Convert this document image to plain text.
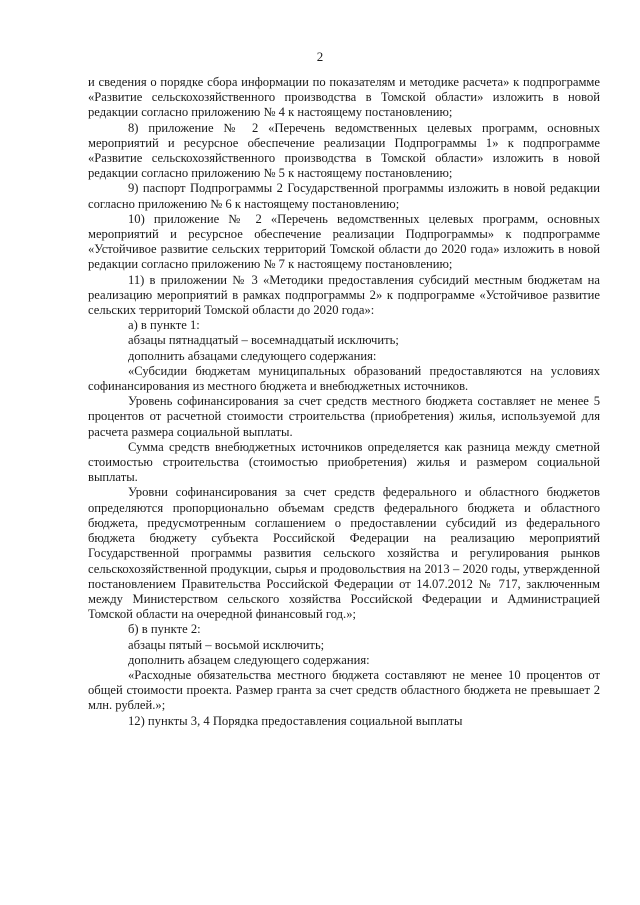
2

и сведения о порядке сбора информации по показателям и методике расчета» к подпрограмме «Развитие сельскохозяйственного производства в Томской области» изложить в новой редакции согласно приложению № 4 к настоящему постановлению;

8) приложение № 2 «Перечень ведомственных целевых программ, основных мероприятий и ресурсное обеспечение реализации Подпрограммы 1» к подпрограмме «Развитие сельскохозяйственного производства в Томской области» изложить в новой редакции согласно приложению № 5 к настоящему постановлению;

9) паспорт Подпрограммы 2 Государственной программы изложить в новой редакции согласно приложению № 6 к настоящему постановлению;

10) приложение № 2 «Перечень ведомственных целевых программ, основных мероприятий и ресурсное обеспечение реализации Подпрограммы» к подпрограмме «Устойчивое развитие сельских территорий Томской области до 2020 года» изложить в новой редакции согласно приложению № 7 к настоящему постановлению;

11) в приложении № 3 «Методики предоставления субсидий местным бюджетам на реализацию мероприятий в рамках подпрограммы 2» к подпрограмме «Устойчивое развитие сельских территорий Томской области до 2020 года»:

а) в пункте 1:

абзацы пятнадцатый – восемнадцатый исключить;

дополнить абзацами следующего содержания:

«Субсидии бюджетам муниципальных образований предоставляются на условиях софинансирования из местного бюджета и внебюджетных источников.

Уровень софинансирования за счет средств местного бюджета составляет не менее 5 процентов от расчетной стоимости строительства (приобретения) жилья, используемой для расчета размера социальной выплаты.

Сумма средств внебюджетных источников определяется как разница между сметной стоимостью строительства (стоимостью приобретения) жилья и размером социальной выплаты.

Уровни софинансирования за счет средств федерального и областного бюджетов определяются пропорционально объемам средств федерального бюджета и областного бюджета, предусмотренным соглашением о предоставлении субсидий из федерального бюджета бюджету субъекта Российской Федерации на реализацию мероприятий Государственной программы развития сельского хозяйства и регулирования рынков сельскохозяйственной продукции, сырья и продовольствия на 2013 – 2020 годы, утвержденной постановлением Правительства Российской Федерации от 14.07.2012 № 717, заключенным между Министерством сельского хозяйства Российской Федерации и Администрацией Томской области на очередной финансовый год.»;

б) в пункте 2:

абзацы пятый – восьмой исключить;

дополнить абзацем следующего содержания:

«Расходные обязательства местного бюджета составляют не менее 10 процентов от общей стоимости проекта. Размер гранта за счет средств областного бюджета не превышает 2 млн. рублей.»;

12) пункты 3, 4 Порядка предоставления социальной выплаты
